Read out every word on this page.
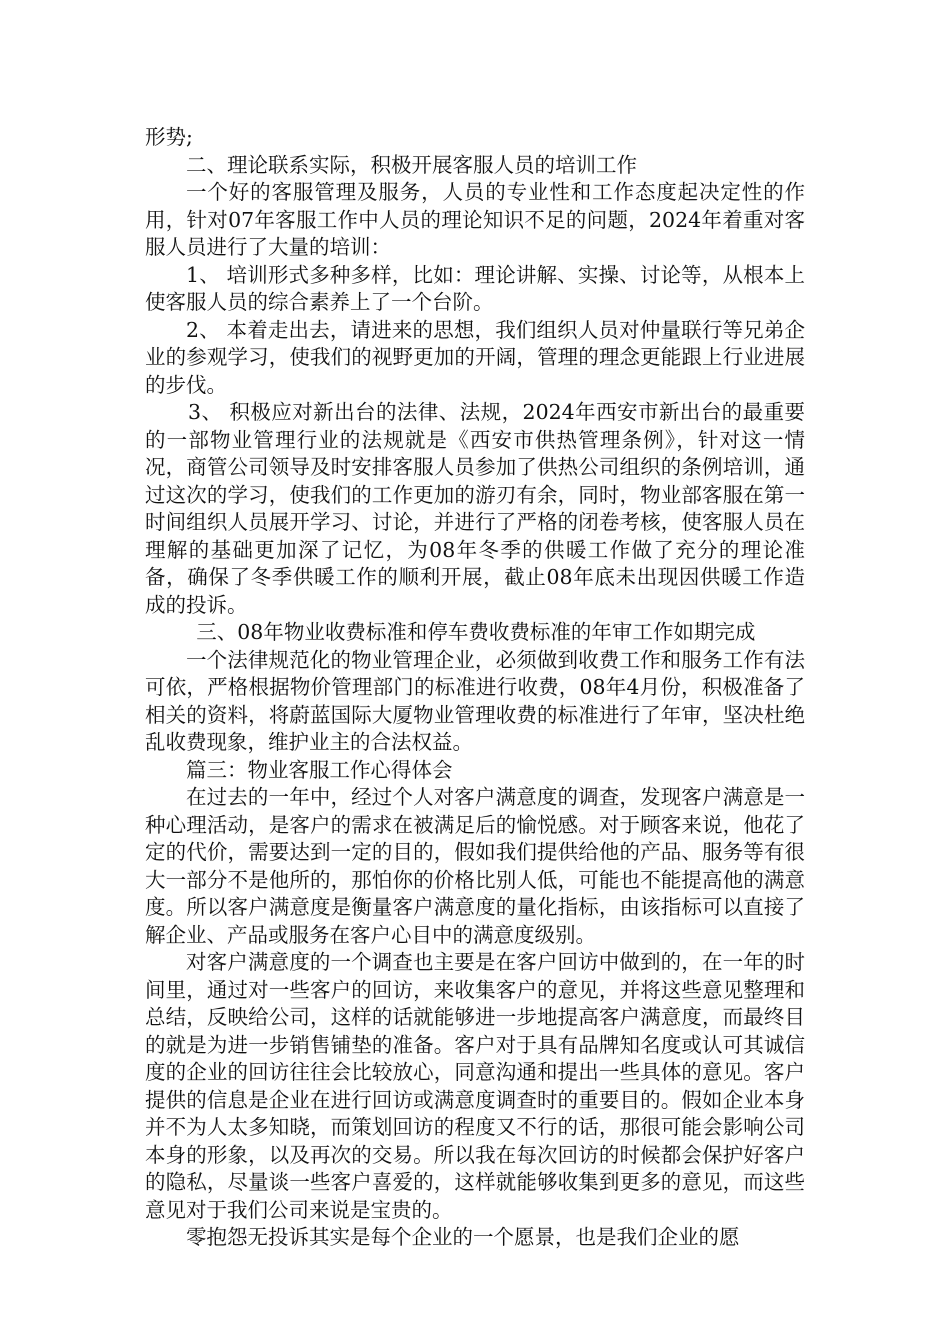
形势;

二、理论联系实际，积极开展客服人员的培训工作

一个好的客服管理及服务，人员的专业性和工作态度起决定性的作用，针对07年客服工作中人员的理论知识不足的问题，2024年着重对客服人员进行了大量的培训：

1、 培训形式多种多样，比如：理论讲解、实操、讨论等，从根本上使客服人员的综合素养上了一个台阶。

2、 本着走出去，请进来的思想，我们组织人员对仲量联行等兄弟企业的参观学习，使我们的视野更加的开阔，管理的理念更能跟上行业进展的步伐。

3、 积极应对新出台的法律、法规，2024年西安市新出台的最重要的一部物业管理行业的法规就是《西安市供热管理条例》，针对这一情况，商管公司领导及时安排客服人员参加了供热公司组织的条例培训，通过这次的学习，使我们的工作更加的游刃有余，同时，物业部客服在第一时间组织人员展开学习、讨论，并进行了严格的闭卷考核，使客服人员在理解的基础更加深了记忆，为08年冬季的供暖工作做了充分的理论准备，确保了冬季供暖工作的顺利开展，截止08年底未出现因供暖工作造成的投诉。

三、08年物业收费标准和停车费收费标准的年审工作如期完成

一个法律规范化的物业管理企业，必须做到收费工作和服务工作有法可依，严格根据物价管理部门的标准进行收费，08年4月份，积极准备了相关的资料，将蔚蓝国际大厦物业管理收费的标准进行了年审，坚决杜绝乱收费现象，维护业主的合法权益。

篇三：物业客服工作心得体会

在过去的一年中，经过个人对客户满意度的调查，发现客户满意是一种心理活动，是客户的需求在被满足后的愉悦感。对于顾客来说，他花了定的代价，需要达到一定的目的，假如我们提供给他的产品、服务等有很大一部分不是他所的，那怕你的价格比别人低，可能也不能提高他的满意度。所以客户满意度是衡量客户满意度的量化指标，由该指标可以直接了解企业、产品或服务在客户心目中的满意度级别。

对客户满意度的一个调查也主要是在客户回访中做到的，在一年的时间里，通过对一些客户的回访，来收集客户的意见，并将这些意见整理和总结，反映给公司，这样的话就能够进一步地提高客户满意度，而最终目的就是为进一步销售铺垫的准备。客户对于具有品牌知名度或认可其诚信度的企业的回访往往会比较放心，同意沟通和提出一些具体的意见。客户提供的信息是企业在进行回访或满意度调查时的重要目的。假如企业本身并不为人太多知晓，而策划回访的程度又不行的话，那很可能会影响公司本身的形象，以及再次的交易。所以我在每次回访的时候都会保护好客户的隐私，尽量谈一些客户喜爱的，这样就能够收集到更多的意见，而这些意见对于我们公司来说是宝贵的。

零抱怨无投诉其实是每个企业的一个愿景，也是我们企业的愿
